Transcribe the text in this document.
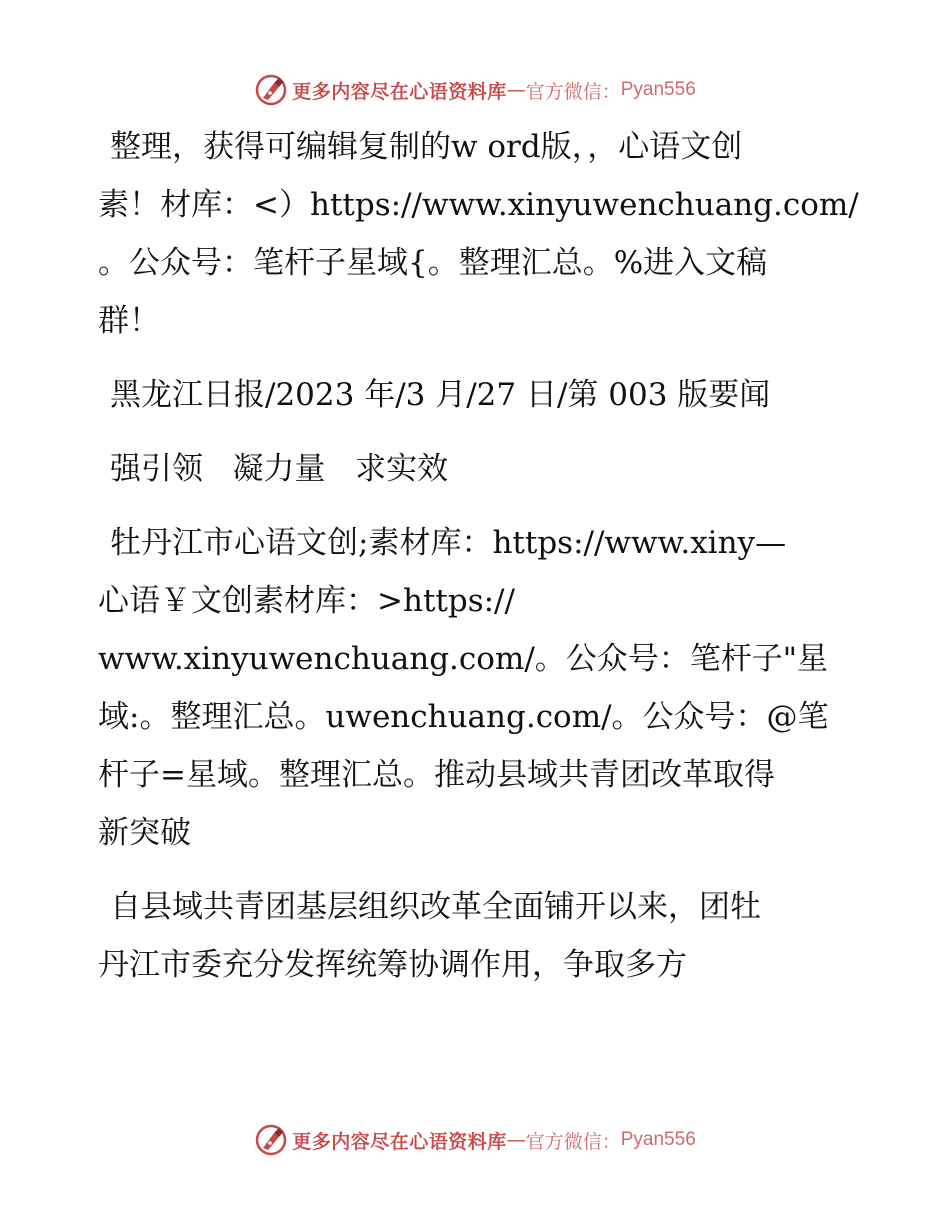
更多内容尽在心语资料库 — 官方微信： Pyan556

整理，获得可编辑复制的w ord版，，心语文创
素！材库：<）https://www.xinyuwenchuang.com/
。公众号：笔杆子星域{。整理汇总。%进入文稿
群！

黑龙江日报/2023 年/3 月/27 日/第 003 版要闻

强引领   凝力量   求实效

牡丹江市心语文创;素材库：https://www.xiny—
心语￥文创素材库：>https://
www.xinyuwenchuang.com/。公众号：笔杆子"星
域:。整理汇总。uwenchuang.com/。公众号：@笔
杆子=星域。整理汇总。推动县域共青团改革取得
新突破

自县域共青团基层组织改革全面铺开以来，团牡
丹江市委充分发挥统筹协调作用，争取多方

更多内容尽在心语资料库 — 官方微信： Pyan556
